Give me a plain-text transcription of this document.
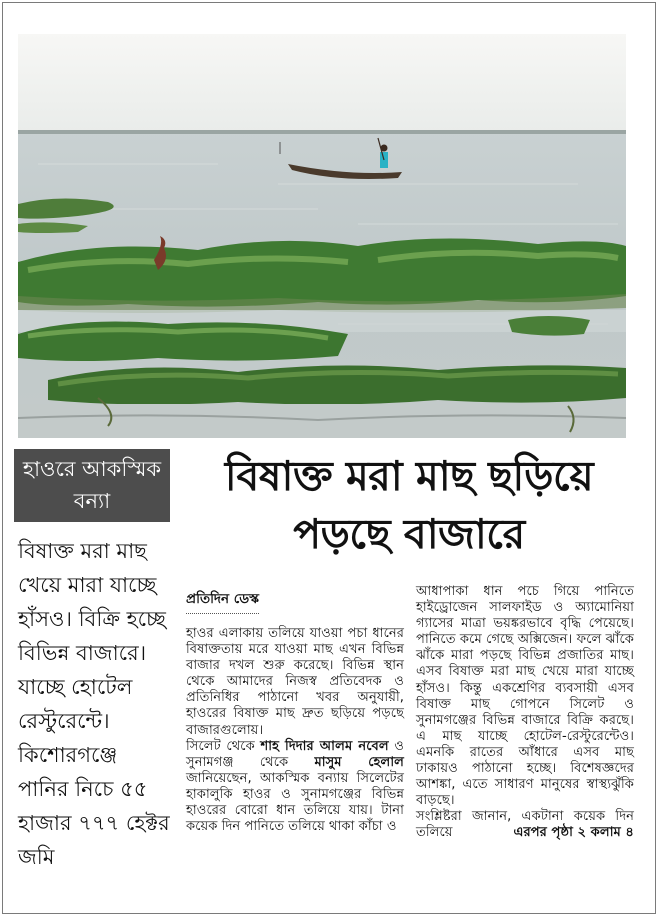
হাওরে আকস্মিক বন্যা

বিষাক্ত মরা মাছ খেয়ে মারা যাচ্ছে হাঁসও। বিক্রি হচ্ছে বিভিন্ন বাজারে। যাচ্ছে হোটেল রেস্টুরেন্টে। কিশোরগঞ্জে পানির নিচে ৫৫ হাজার ৭৭৭ হেক্টর জমি

বিষাক্ত মরা মাছ ছড়িয়ে পড়ছে বাজারে
প্রতিদিন ডেস্ক

হাওর এলাকায় তলিয়ে যাওয়া পচা ধানের বিষাক্ততায় মরে যাওয়া মাছ এখন বিভিন্ন বাজার দখল শুরু করেছে। বিভিন্ন স্থান থেকে আমাদের নিজস্ব প্রতিবেদক ও প্রতিনিধির পাঠানো খবর অনুযায়ী, হাওরের বিষাক্ত মাছ দ্রুত ছড়িয়ে পড়ছে বাজারগুলোয়।

সিলেট থেকে শাহ দিদার আলম নবেল ও সুনামগঞ্জ থেকে মাসুম হেলাল জানিয়েছেন, আকস্মিক বন্যায় সিলেটের হাকালুকি হাওর ও সুনামগঞ্জের বিভিন্ন হাওরের বোরো ধান তলিয়ে যায়। টানা কয়েক দিন পানিতে তলিয়ে থাকা কাঁচা ও

আধাপাকা ধান পচে গিয়ে পানিতে হাইড্রোজেন সালফাইড ও অ্যামোনিয়া গ্যাসের মাত্রা ভয়ঙ্করভাবে বৃদ্ধি পেয়েছে। পানিতে কমে গেছে অক্সিজেন। ফলে ঝাঁকে ঝাঁকে মারা পড়ছে বিভিন্ন প্রজাতির মাছ। এসব বিষাক্ত মরা মাছ খেয়ে মারা যাচ্ছে হাঁসও। কিন্তু একশ্রেণির ব্যবসায়ী এসব বিষাক্ত মাছ গোপনে সিলেট ও সুনামগঞ্জের বিভিন্ন বাজারে বিক্রি করছে। এ মাছ যাচ্ছে হোটেল-রেস্টুরেন্টেও। এমনকি রাতের আঁধারে এসব মাছ ঢাকায়ও পাঠানো হচ্ছে। বিশেষজ্ঞদের আশঙ্কা, এতে সাধারণ মানুষের স্বাস্থ্যঝুঁকি বাড়ছে।

সংশ্লিষ্টরা জানান, একটানা কয়েক দিন তলিয়ে	এরপর পৃষ্ঠা ২ কলাম ৪
